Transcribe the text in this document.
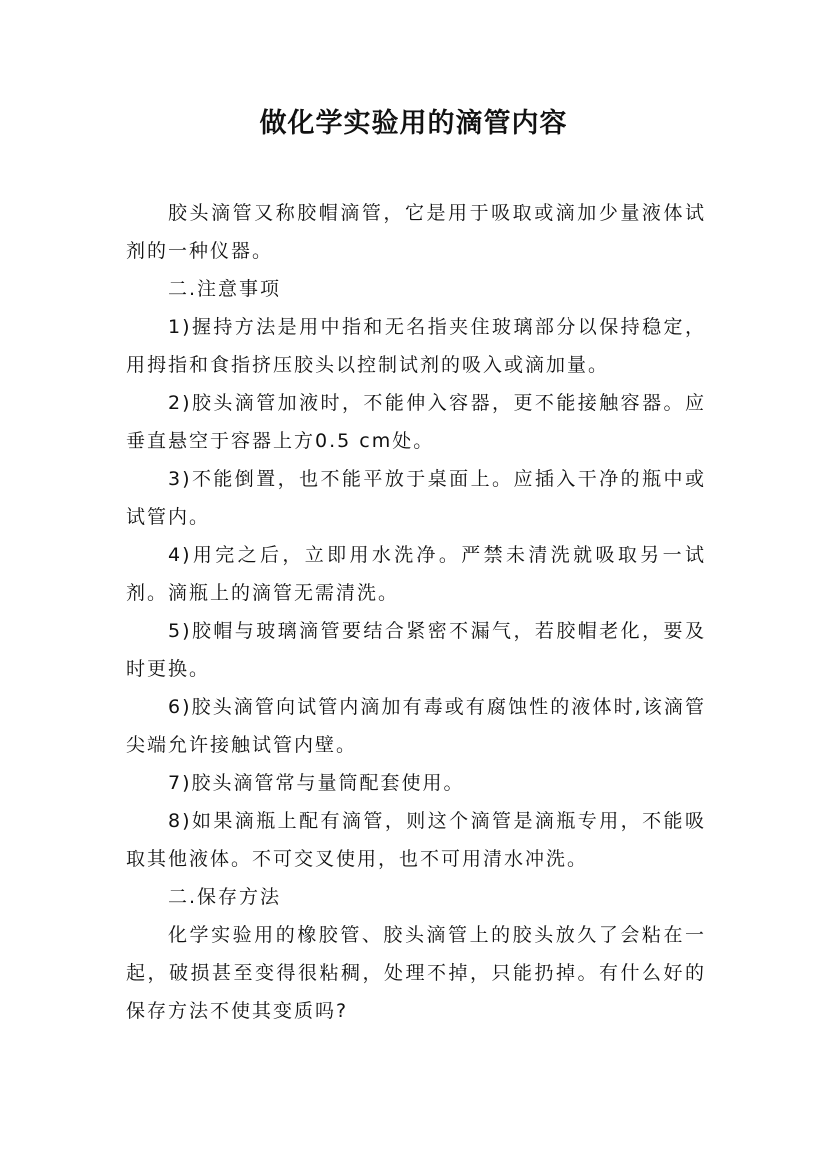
做化学实验用的滴管内容

胶头滴管又称胶帽滴管，它是用于吸取或滴加少量液体试剂的一种仪器。

二.注意事项

1)握持方法是用中指和无名指夹住玻璃部分以保持稳定，用拇指和食指挤压胶头以控制试剂的吸入或滴加量。

2)胶头滴管加液时，不能伸入容器，更不能接触容器。应垂直悬空于容器上方0.5 cm处。

3)不能倒置，也不能平放于桌面上。应插入干净的瓶中或试管内。

4)用完之后，立即用水洗净。严禁未清洗就吸取另一试剂。滴瓶上的滴管无需清洗。

5)胶帽与玻璃滴管要结合紧密不漏气，若胶帽老化，要及时更换。

6)胶头滴管向试管内滴加有毒或有腐蚀性的液体时,该滴管尖端允许接触试管内壁。

7)胶头滴管常与量筒配套使用。

8)如果滴瓶上配有滴管，则这个滴管是滴瓶专用，不能吸取其他液体。不可交叉使用，也不可用清水冲洗。

二.保存方法

化学实验用的橡胶管、胶头滴管上的胶头放久了会粘在一起，破损甚至变得很粘稠，处理不掉，只能扔掉。有什么好的保存方法不使其变质吗?
